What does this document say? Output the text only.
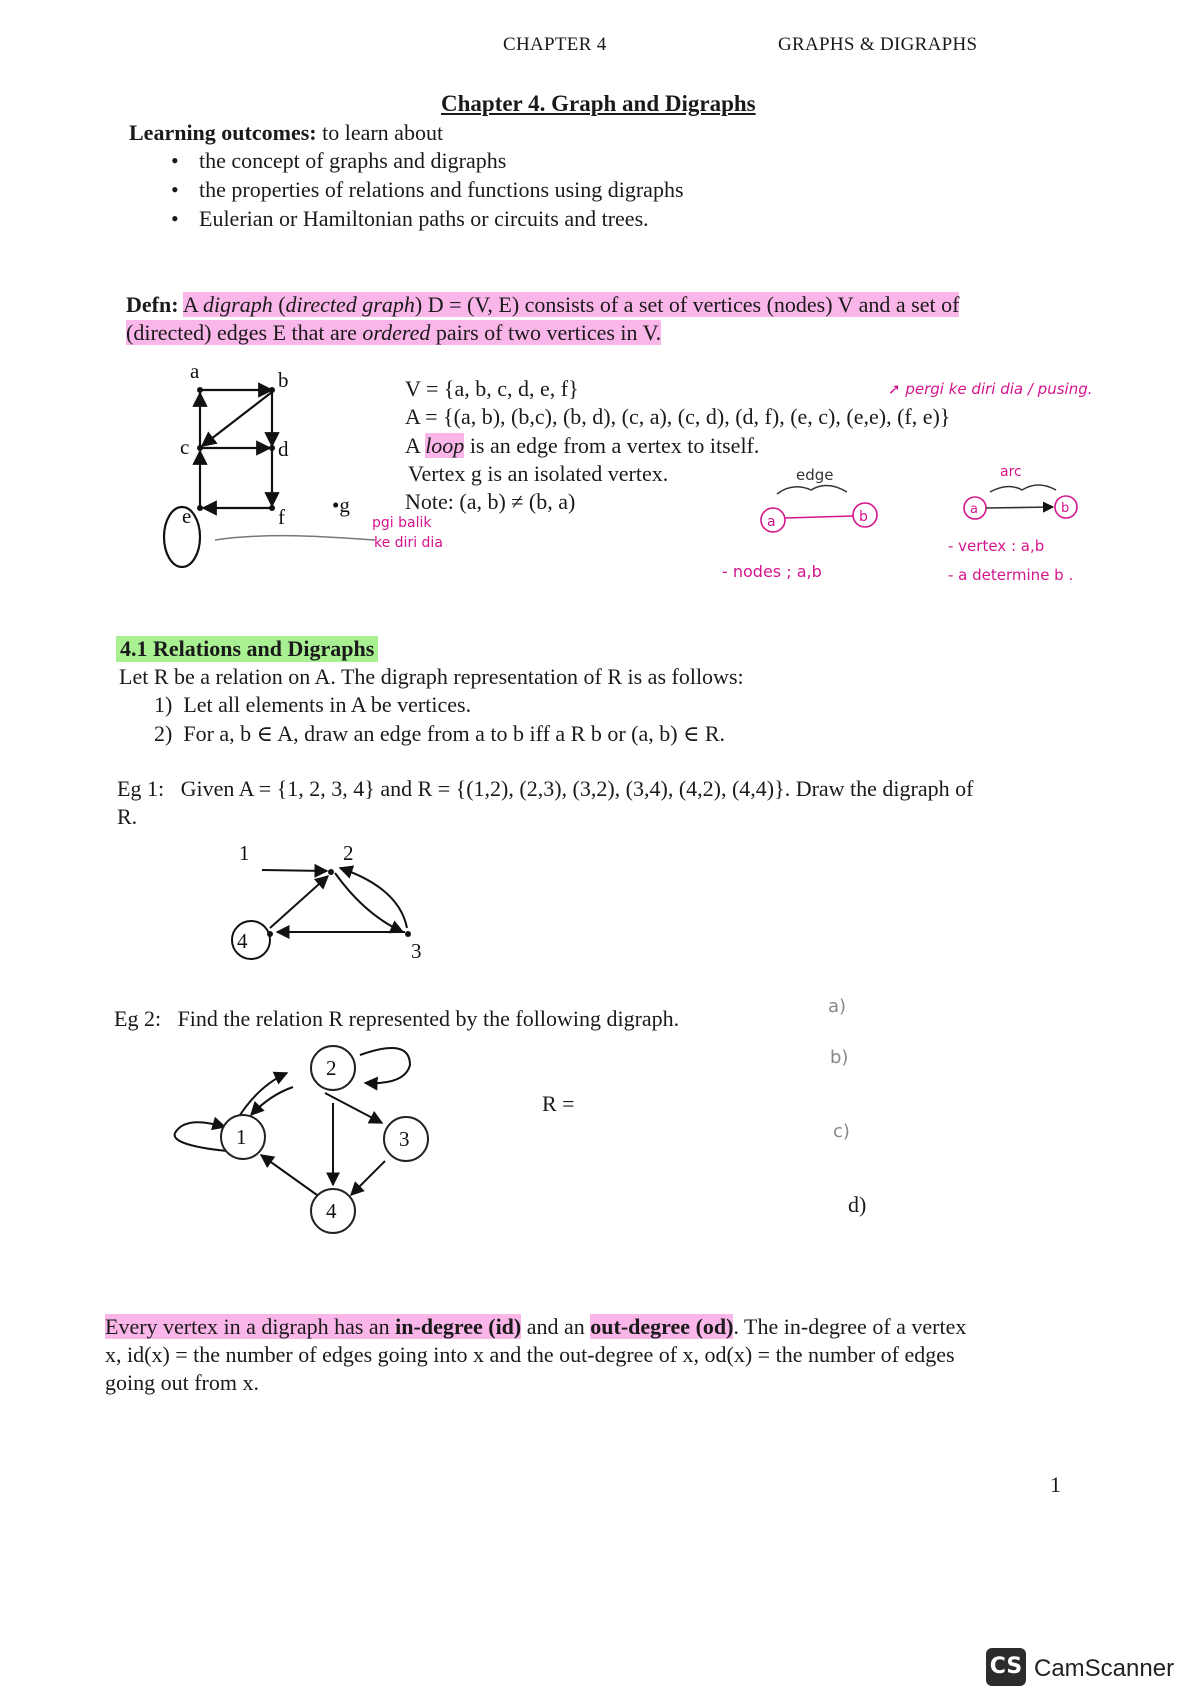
CHAPTER 4	GRAPHS & DIGRAPHS
Chapter 4. Graph and Digraphs
Learning outcomes: to learn about
• the concept of graphs and digraphs
• the properties of relations and functions using digraphs
• Eulerian or Hamiltonian paths or circuits and trees.
Defn: A digraph (directed graph) D = (V, E) consists of a set of vertices (nodes) V and a set of
(directed) edges E that are ordered pairs of two vertices in V.
a	b
c	d
e	f •g
V = {a, b, c, d, e, f}
A = {(a, b), (b,c), (b, d), (c, a), (c, d), (d, f), (e, c), (e,e), (f, e)}
A loop is an edge from a vertex to itself.
Vertex g is an isolated vertex.
Note: (a, b) ≠ (b, a)
➚ pergi ke diri dia / pusing.
pgi balik
ke diri dia
a	b
edge
- nodes ; a,b
a	b
arc
- vertex : a,b
- a determine b .
4.1 Relations and Digraphs
Let R be a relation on A. The digraph representation of R is as follows:
1) Let all elements in A be vertices.
2) For a, b ∈ A, draw an edge from a to b iff a R b or (a, b) ∈ R.
Eg 1: Given A = {1, 2, 3, 4} and R = {(1,2), (2,3), (3,2), (3,4), (4,2), (4,4)}. Draw the digraph of
R.
1	2
3
4
Eg 2: Find the relation R represented by the following digraph.
2
1	3
4
R =
a)
b)
c)
d)
Every vertex in a digraph has an in-degree (id) and an out-degree (od). The in-degree of a vertex
x, id(x) = the number of edges going into x and the out-degree of x, od(x) = the number of edges
going out from x.
1
CS CamScanner
